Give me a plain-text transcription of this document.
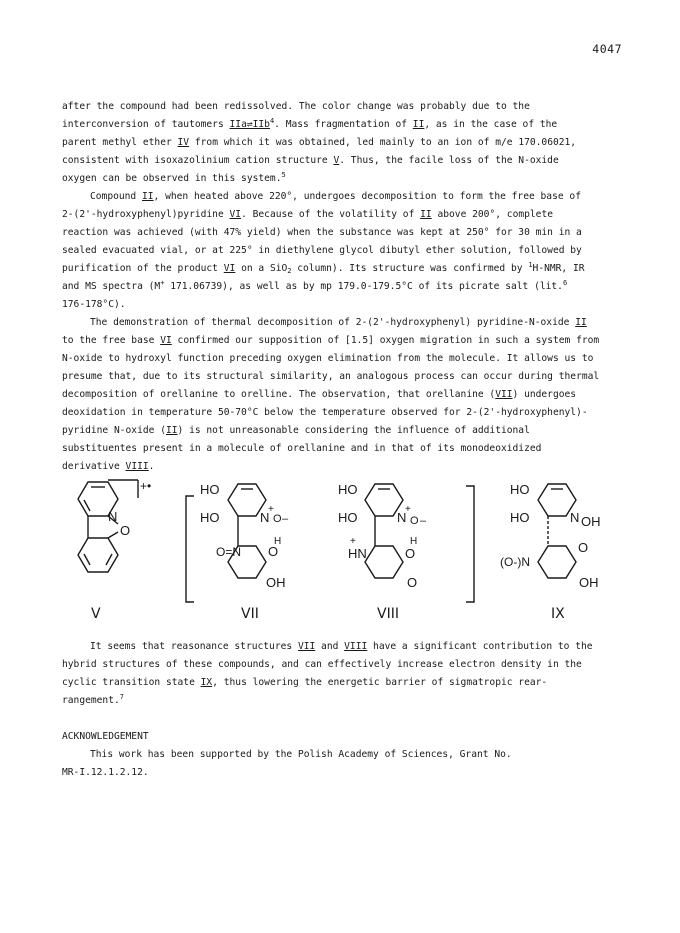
4047

after the compound had been redissolved. The color change was probably due to the

interconversion of tautomers IIa⇌IIb$^4$. Mass fragmentation of II, as in the case of the

parent methyl ether IV from which it was obtained, led mainly to an ion of m/e 170.06021,

consistent with isoxazolinium cation structure V. Thus, the facile loss of the N-oxide

oxygen can be observed in this system.$^5$

Compound II, when heated above 220°, undergoes decomposition to form the free base of

2-(2'-hydroxyphenyl)pyridine VI. Because of the volatility of II above 200°, complete

reaction was achieved (with 47% yield) when the substance was kept at 250° for 30 min in a

sealed evacuated vial, or at 225° in diethylene glycol dibutyl ether solution, followed by

purification of the product VI on a SiO$_2$ column). Its structure was confirmed by $^1$H-NMR, IR

and MS spectra (M+ 171.06739), as well as by mp 179.0-179.5°C of its picrate salt (lit.$^6$

176-178°C).

The demonstration of thermal decomposition of 2-(2'-hydroxyphenyl) pyridine-N-oxide II

to the free base VI confirmed our supposition of [1.5] oxygen migration in such a system from

N-oxide to hydroxyl function preceding oxygen elimination from the molecule. It allows us to

presume that, due to its structural similarity, an analogous process can occur during thermal

decomposition of orellanine to orelline. The observation, that orellanine (VII) undergoes

deoxidation in temperature 50-70°C below the temperature observed for 2-(2'-hydroxyphenyl)-

pyridine N-oxide (II) is not unreasonable considering the influence of additional

substituentes present in a molecule of orellanine and in that of its monodeoxidized

derivative VIII.

N
O
+•	HO
HO	N O –
+
O
H
O=N
OH
HO
HO	N O –
+
HN
+
O
H
O
HO
HO	N OH
O
(O-)N
OH
V	VII	VIII	IX

It seems that reasonance structures VII and VIII have a significant contribution to the

hybrid structures of these compounds, and can effectively increase electron density in the

cyclic transition state IX, thus lowering the energetic barrier of sigmatropic rear-

rangement.$^7$

ACKNOWLEDGEMENT

This work has been supported by the Polish Academy of Sciences, Grant No.

MR-I.12.1.2.12.
